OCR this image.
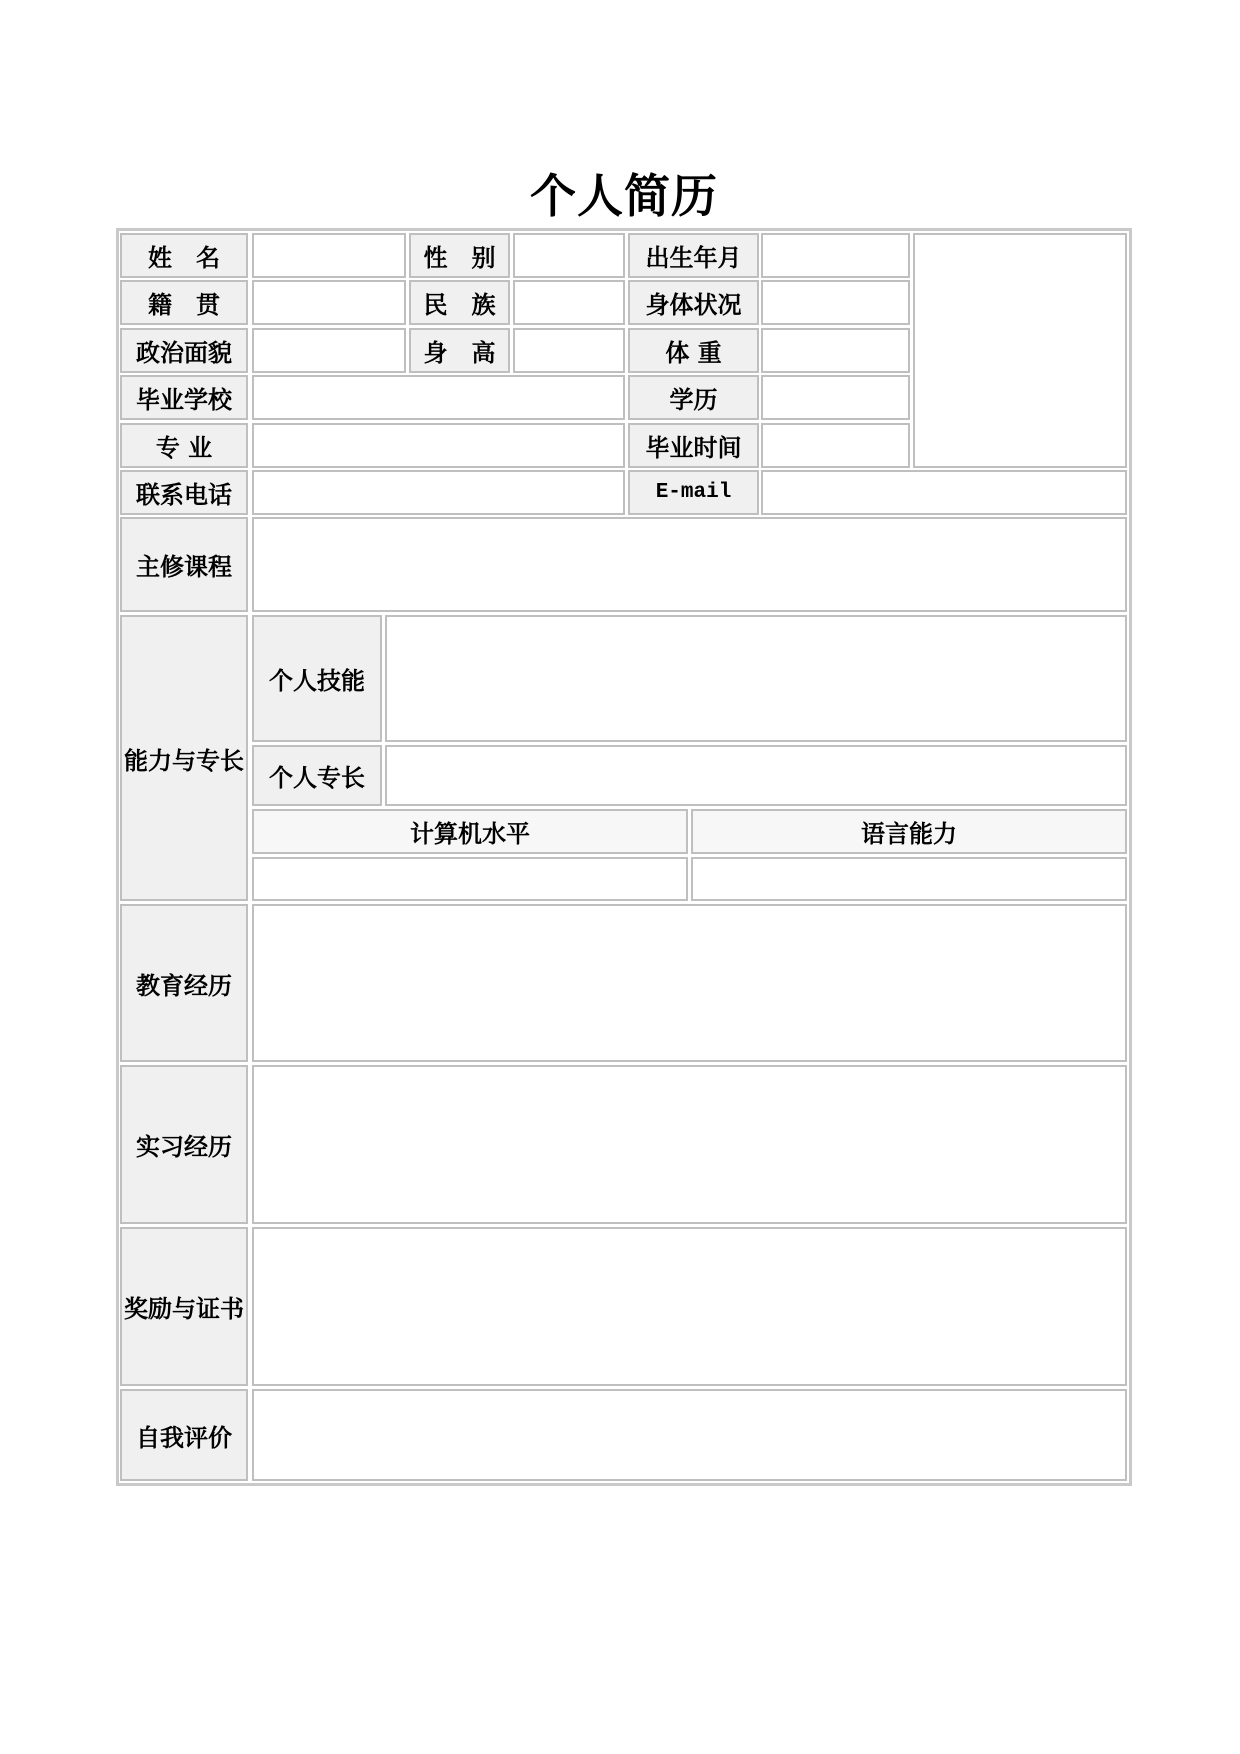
个人简历
姓　名	性　别	出生年月
籍　贯	民　族	身体状况
政治面貌	身　高	体 重
毕业学校	学历
专 业	毕业时间
联系电话	E-mail
主修课程
能力与专长
个人技能
个人专长
计算机水平	语言能力
教育经历
实习经历
奖励与证书
自我评价
